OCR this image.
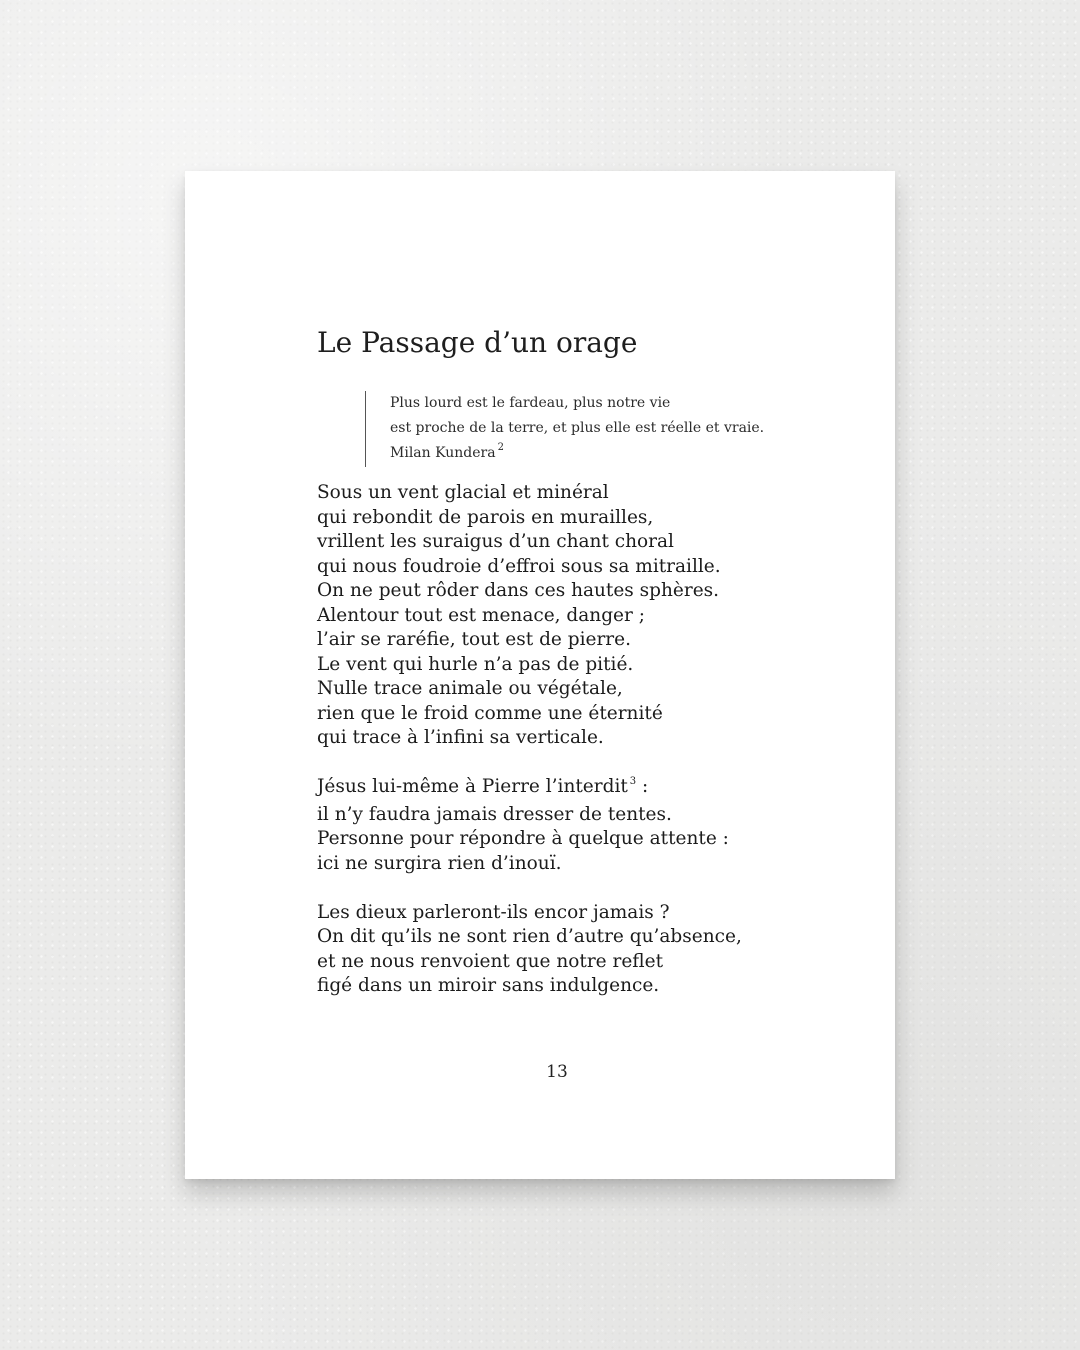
Le Passage d’un orage
Plus lourd est le fardeau, plus notre vie
est proche de la terre, et plus elle est réelle et vraie.
Milan Kundera $^2$
Sous un vent glacial et minéral
qui rebondit de parois en murailles,
vrillent les suraigus d’un chant choral
qui nous foudroie d’effroi sous sa mitraille.
On ne peut rôder dans ces hautes sphères.
Alentour tout est menace, danger ;
l’air se raréfie, tout est de pierre.
Le vent qui hurle n’a pas de pitié.
Nulle trace animale ou végétale,
rien que le froid comme une éternité
qui trace à l’infini sa verticale.
Jésus lui-même à Pierre l’interdit $^3$ :
il n’y faudra jamais dresser de tentes.
Personne pour répondre à quelque attente :
ici ne surgira rien d’inouï.
Les dieux parleront-ils encor jamais ?
On dit qu’ils ne sont rien d’autre qu’absence,
et ne nous renvoient que notre reflet
figé dans un miroir sans indulgence.
13
